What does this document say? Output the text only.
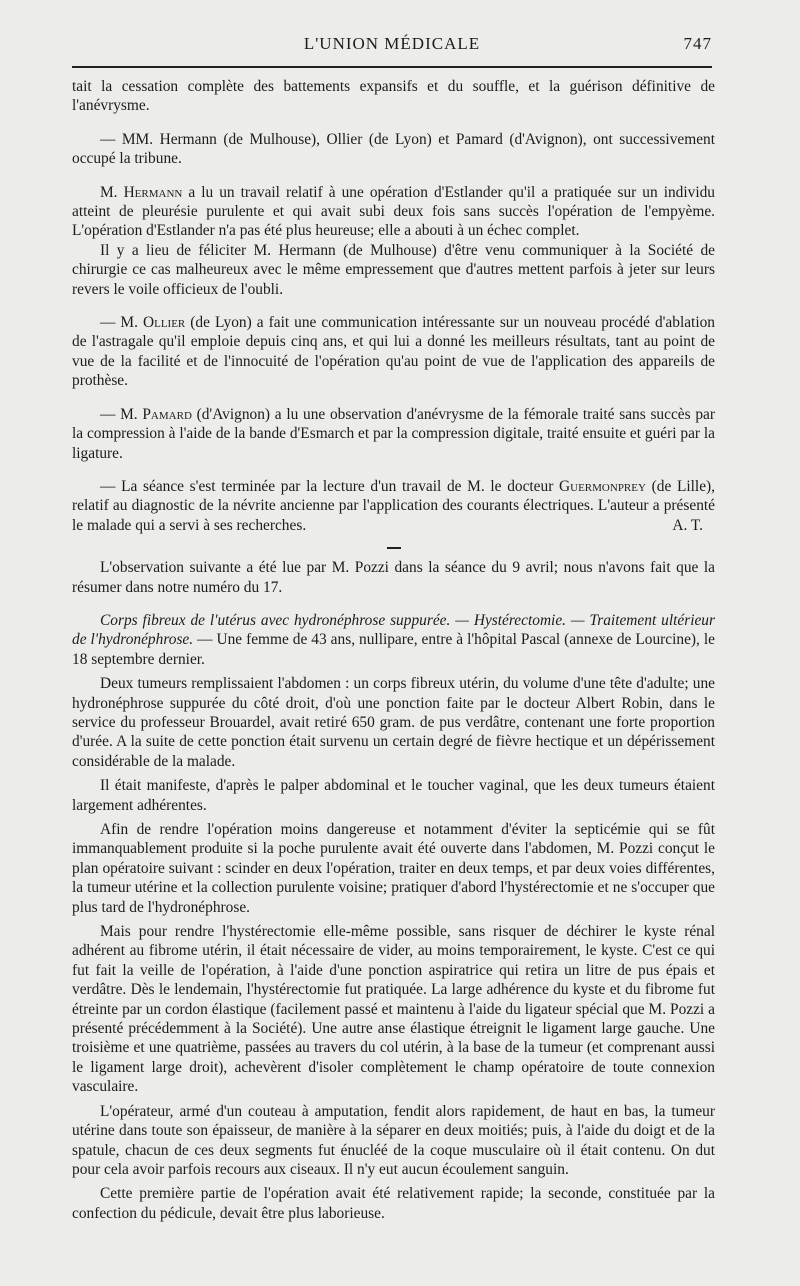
L'UNION MÉDICALE	747

tait la cessation complète des battements expansifs et du souffle, et la guérison définitive de l'anévrysme.

— MM. Hermann (de Mulhouse), Ollier (de Lyon) et Pamard (d'Avignon), ont successivement occupé la tribune.

M. Hermann a lu un travail relatif à une opération d'Estlander qu'il a pratiquée sur un individu atteint de pleurésie purulente et qui avait subi deux fois sans succès l'opération de l'empyème. L'opération d'Estlander n'a pas été plus heureuse; elle a abouti à un échec complet.

Il y a lieu de féliciter M. Hermann (de Mulhouse) d'être venu communiquer à la Société de chirurgie ce cas malheureux avec le même empressement que d'autres mettent parfois à jeter sur leurs revers le voile officieux de l'oubli.

— M. Ollier (de Lyon) a fait une communication intéressante sur un nouveau procédé d'ablation de l'astragale qu'il emploie depuis cinq ans, et qui lui a donné les meilleurs résultats, tant au point de vue de la facilité et de l'innocuité de l'opération qu'au point de vue de l'application des appareils de prothèse.

— M. Pamard (d'Avignon) a lu une observation d'anévrysme de la fémorale traité sans succès par la compression à l'aide de la bande d'Esmarch et par la compression digitale, traité ensuite et guéri par la ligature.

— La séance s'est terminée par la lecture d'un travail de M. le docteur Guermonprey (de Lille), relatif au diagnostic de la névrite ancienne par l'application des courants électriques. L'auteur a présenté le malade qui a servi à ses recherches.	A. T.

L'observation suivante a été lue par M. Pozzi dans la séance du 9 avril; nous n'avons fait que la résumer dans notre numéro du 17.

Corps fibreux de l'utérus avec hydronéphrose suppurée. — Hystérectomie. — Traitement ultérieur de l'hydronéphrose. — Une femme de 43 ans, nullipare, entre à l'hôpital Pascal (annexe de Lourcine), le 18 septembre dernier.

Deux tumeurs remplissaient l'abdomen : un corps fibreux utérin, du volume d'une tête d'adulte; une hydronéphrose suppurée du côté droit, d'où une ponction faite par le docteur Albert Robin, dans le service du professeur Brouardel, avait retiré 650 gram. de pus verdâtre, contenant une forte proportion d'urée. A la suite de cette ponction était survenu un certain degré de fièvre hectique et un dépérissement considérable de la malade.

Il était manifeste, d'après le palper abdominal et le toucher vaginal, que les deux tumeurs étaient largement adhérentes.

Afin de rendre l'opération moins dangereuse et notamment d'éviter la septicémie qui se fût immanquablement produite si la poche purulente avait été ouverte dans l'abdomen, M. Pozzi conçut le plan opératoire suivant : scinder en deux l'opération, traiter en deux temps, et par deux voies différentes, la tumeur utérine et la collection purulente voisine; pratiquer d'abord l'hystérectomie et ne s'occuper que plus tard de l'hydronéphrose.

Mais pour rendre l'hystérectomie elle-même possible, sans risquer de déchirer le kyste rénal adhérent au fibrome utérin, il était nécessaire de vider, au moins temporairement, le kyste. C'est ce qui fut fait la veille de l'opération, à l'aide d'une ponction aspiratrice qui retira un litre de pus épais et verdâtre. Dès le lendemain, l'hystérectomie fut pratiquée. La large adhérence du kyste et du fibrome fut étreinte par un cordon élastique (facilement passé et maintenu à l'aide du ligateur spécial que M. Pozzi a présenté précédemment à la Société). Une autre anse élastique étreignit le ligament large gauche. Une troisième et une quatrième, passées au travers du col utérin, à la base de la tumeur (et comprenant aussi le ligament large droit), achevèrent d'isoler complètement le champ opératoire de toute connexion vasculaire.

L'opérateur, armé d'un couteau à amputation, fendit alors rapidement, de haut en bas, la tumeur utérine dans toute son épaisseur, de manière à la séparer en deux moitiés; puis, à l'aide du doigt et de la spatule, chacun de ces deux segments fut énucléé de la coque musculaire où il était contenu. On dut pour cela avoir parfois recours aux ciseaux. Il n'y eut aucun écoulement sanguin.

Cette première partie de l'opération avait été relativement rapide; la seconde, constituée par la confection du pédicule, devait être plus laborieuse.
